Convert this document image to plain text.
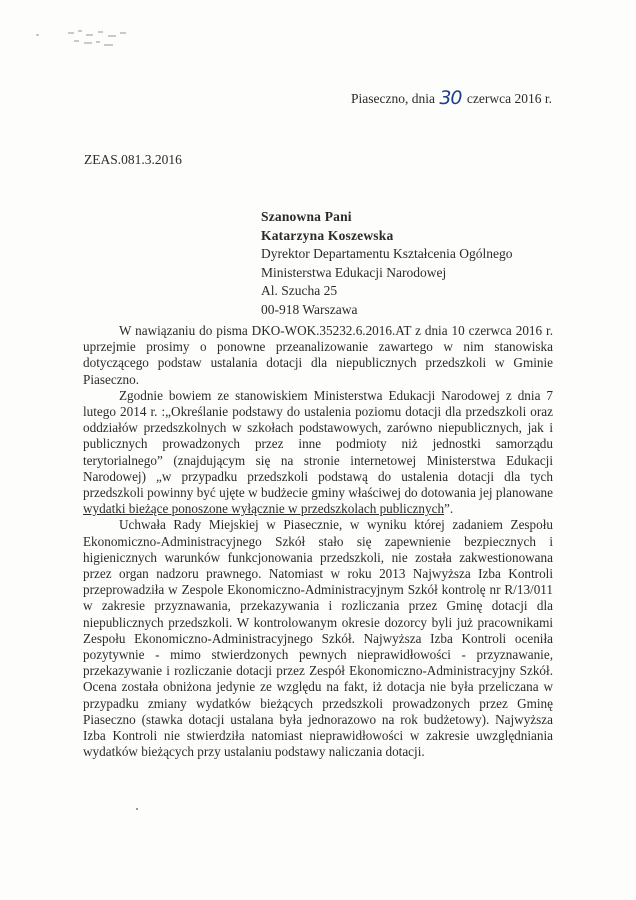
Piaseczno, dnia 30 czerwca 2016 r.
ZEAS.081.3.2016
Szanowna Pani
Katarzyna Koszewska
Dyrektor Departamentu Kształcenia Ogólnego
Ministerstwa Edukacji Narodowej
Al. Szucha 25
00-918 Warszawa

W nawiązaniu do pisma DKO-WOK.35232.6.2016.AT z dnia 10 czerwca 2016 r. uprzejmie prosimy o ponowne przeanalizowanie zawartego w nim stanowiska dotyczącego podstaw ustalania dotacji dla niepublicznych przedszkoli w Gminie Piaseczno.

Zgodnie bowiem ze stanowiskiem Ministerstwa Edukacji Narodowej z dnia 7 lutego 2014 r. :„Określanie podstawy do ustalenia poziomu dotacji dla przedszkoli oraz oddziałów przedszkolnych w szkołach podstawowych, zarówno niepublicznych, jak i publicznych prowadzonych przez inne podmioty niż jednostki samorządu terytorialnego” (znajdującym się na stronie internetowej Ministerstwa Edukacji Narodowej) „w przypadku przedszkoli podstawą do ustalenia dotacji dla tych przedszkoli powinny być ujęte w budżecie gminy właściwej do dotowania jej planowane wydatki bieżące ponoszone wyłącznie w przedszkolach publicznych”.

Uchwała Rady Miejskiej w Piasecznie, w wyniku której zadaniem Zespołu Ekonomiczno-Administracyjnego Szkół stało się zapewnienie bezpiecznych i higienicznych warunków funkcjonowania przedszkoli, nie została zakwestionowana przez organ nadzoru prawnego. Natomiast w roku 2013 Najwyższa Izba Kontroli przeprowadziła w Zespole Ekonomiczno-Administracyjnym Szkół kontrolę nr R/13/011 w zakresie przyznawania, przekazywania i rozliczania przez Gminę dotacji dla niepublicznych przedszkoli. W kontrolowanym okresie dozorcy byli już pracownikami Zespołu Ekonomiczno-Administracyjnego Szkół. Najwyższa Izba Kontroli oceniła pozytywnie - mimo stwierdzonych pewnych nieprawidłowości - przyznawanie, przekazywanie i rozliczanie dotacji przez Zespół Ekonomiczno-Administracyjny Szkół. Ocena została obniżona jedynie ze względu na fakt, iż dotacja nie była przeliczana w przypadku zmiany wydatków bieżących przedszkoli prowadzonych przez Gminę Piaseczno (stawka dotacji ustalana była jednorazowo na rok budżetowy). Najwyższa Izba Kontroli nie stwierdziła natomiast nieprawidłowości w zakresie uwzględniania wydatków bieżących przy ustalaniu podstawy naliczania dotacji.
